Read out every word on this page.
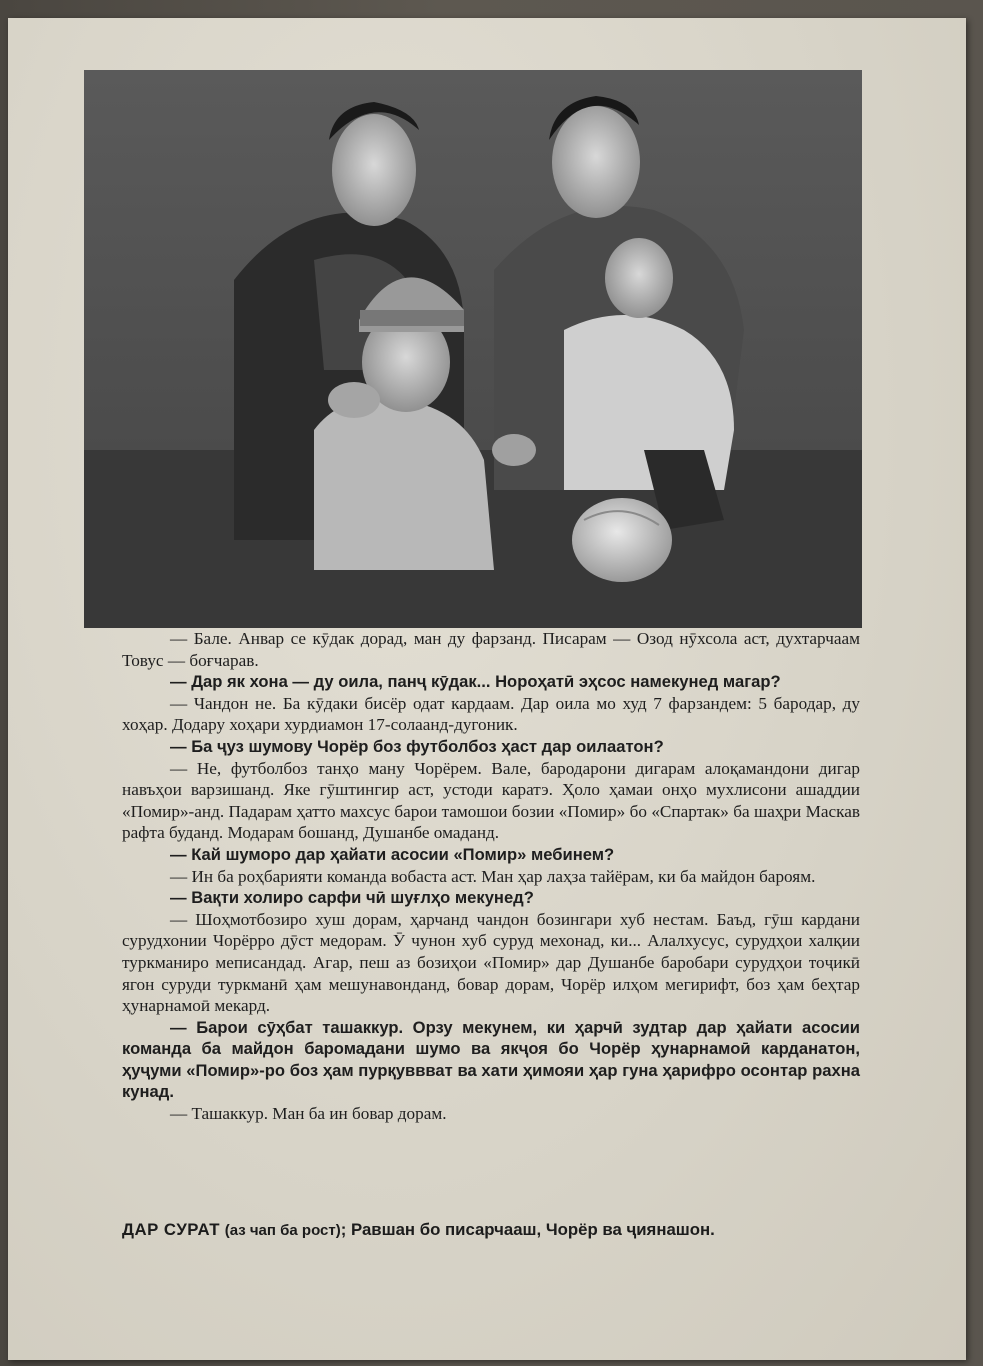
— Бале. Анвар се кӯдак дорад, ман ду фарзанд. Писарам — Озод нӯхсола аст, духтарчаам Товус — боғчарав.

— Дар як хона — ду оила, панҷ кӯдак... Нороҳатӣ эҳсос намекунед магар?

— Чандон не. Ба кӯдаки бисёр одат кардаам. Дар оила мо худ 7 фарзандем: 5 бародар, ду хоҳар. Додару хоҳари хурдиамон 17-солаанд-дугоник.

— Ба ҷуз шумову Чорёр боз футболбоз ҳаст дар оилаатон?

— Не, футболбоз танҳо ману Чорёрем. Вале, бародарони дигарам алоқамандони дигар навъҳои варзишанд. Яке гӯштингир аст, устоди каратэ. Ҳоло ҳамаи онҳо мухлисони ашаддии «Помир»-анд. Падарам ҳатто махсус барои тамошои бозии «Помир» бо «Спартак» ба шаҳри Маскав рафта буданд. Модарам бошанд, Душанбе омаданд.

— Кай шуморо дар ҳайати асосии «Помир» мебинем?

— Ин ба роҳбарияти команда вобаста аст. Ман ҳар лаҳза тайёрам, ки ба майдон бароям.

— Вақти холиро сарфи чӣ шуғлҳо мекунед?

— Шоҳмотбозиро хуш дорам, ҳарчанд чандон бозингари хуб нестам. Баъд, гӯш кардани сурудхонии Чорёрро дӯст медорам. Ӯ чунон хуб суруд мехонад, ки... Алалхусус, сурудҳои халқии туркманиро меписандад. Агар, пеш аз бозиҳои «Помир» дар Душанбе баробари сурудҳои тоҷикӣ ягон суруди туркманӣ ҳам мешунавонданд, бовар дорам, Чорёр илҳом мегирифт, боз ҳам беҳтар ҳунарнамоӣ мекард.

— Барои сӯҳбат ташаккур. Орзу мекунем, ки ҳарчӣ зудтар дар ҳайати асосии команда ба майдон баромадани шумо ва якҷоя бо Чорёр ҳунарнамоӣ карданатон, ҳуҷуми «Помир»-ро боз ҳам пурқуввват ва хати ҳимояи ҳар гуна ҳарифро осонтар рахна кунад.

— Ташаккур. Ман ба ин бовар дорам.

ДАР СУРАТ (аз чап ба рост); Равшан бо писарчааш, Чорёр ва ҷиянашон.
